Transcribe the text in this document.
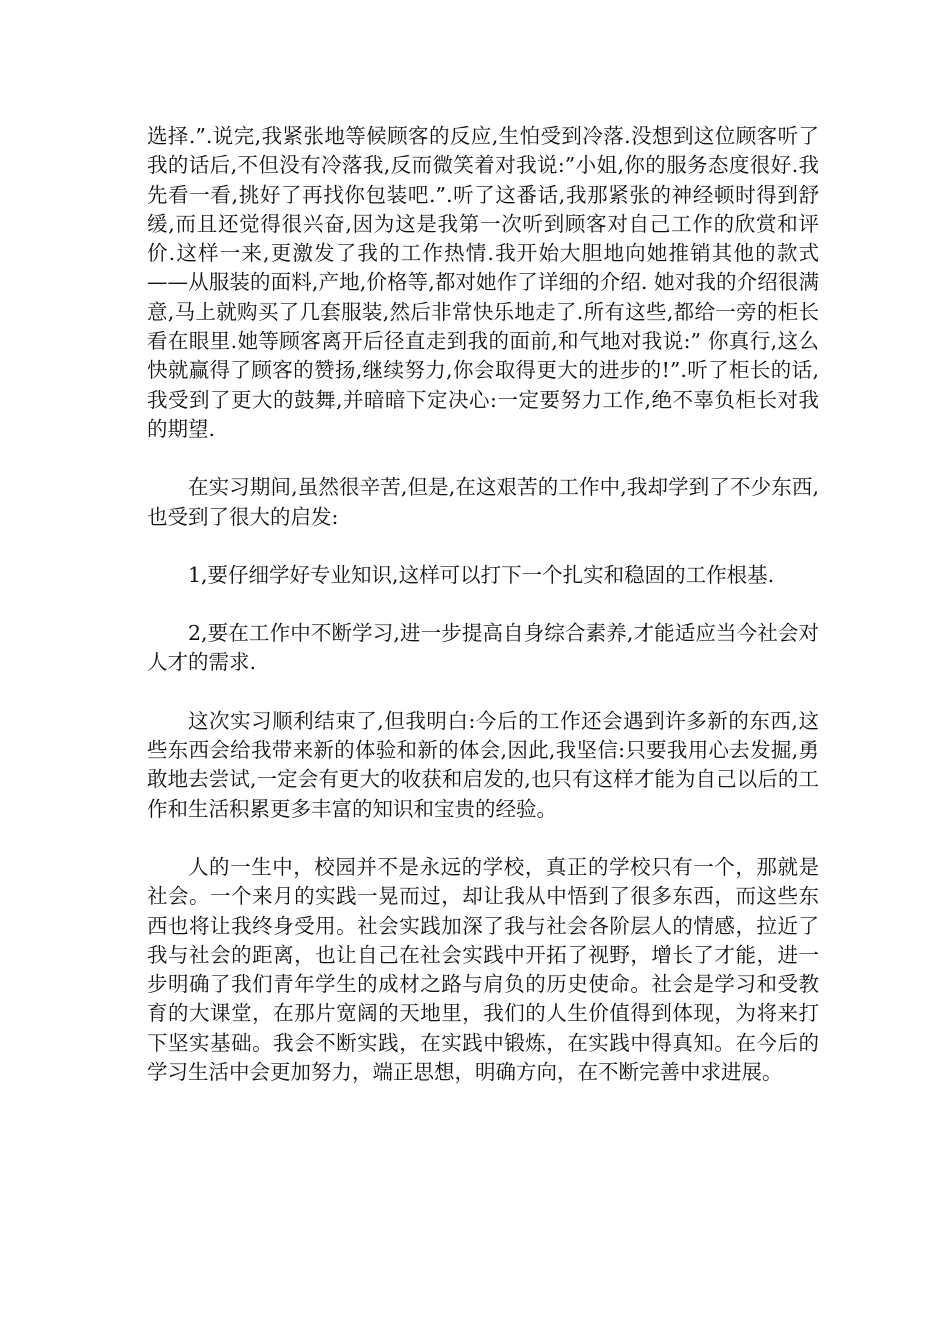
选择.”.说完,我紧张地等候顾客的反应,生怕受到冷落.没想到这位顾客听了我的话后,不但没有冷落我,反而微笑着对我说:”小姐,你的服务态度很好.我先看一看,挑好了再找你包装吧.”.听了这番话,我那紧张的神经顿时得到舒缓,而且还觉得很兴奋,因为这是我第一次听到顾客对自己工作的欣赏和评价.这样一来,更激发了我的工作热情.我开始大胆地向她推销其他的款式——从服装的面料,产地,价格等,都对她作了详细的介绍. 她对我的介绍很满意,马上就购买了几套服装,然后非常快乐地走了.所有这些,都给一旁的柜长看在眼里.她等顾客离开后径直走到我的面前,和气地对我说:” 你真行,这么快就赢得了顾客的赞扬,继续努力,你会取得更大的进步的!”.听了柜长的话,我受到了更大的鼓舞,并暗暗下定决心:一定要努力工作,绝不辜负柜长对我的期望.

在实习期间,虽然很辛苦,但是,在这艰苦的工作中,我却学到了不少东西,也受到了很大的启发:

1,要仔细学好专业知识,这样可以打下一个扎实和稳固的工作根基.

2,要在工作中不断学习,进一步提高自身综合素养,才能适应当今社会对人才的需求.

这次实习顺利结束了,但我明白:今后的工作还会遇到许多新的东西,这些东西会给我带来新的体验和新的体会,因此,我坚信:只要我用心去发掘,勇敢地去尝试,一定会有更大的收获和启发的,也只有这样才能为自己以后的工作和生活积累更多丰富的知识和宝贵的经验。

人的一生中，校园并不是永远的学校，真正的学校只有一个，那就是社会。一个来月的实践一晃而过，却让我从中悟到了很多东西，而这些东西也将让我终身受用。社会实践加深了我与社会各阶层人的情感，拉近了我与社会的距离，也让自己在社会实践中开拓了视野，增长了才能，进一步明确了我们青年学生的成材之路与肩负的历史使命。社会是学习和受教育的大课堂，在那片宽阔的天地里，我们的人生价值得到体现，为将来打下坚实基础。我会不断实践，在实践中锻炼，在实践中得真知。在今后的学习生活中会更加努力，端正思想，明确方向，在不断完善中求进展。
